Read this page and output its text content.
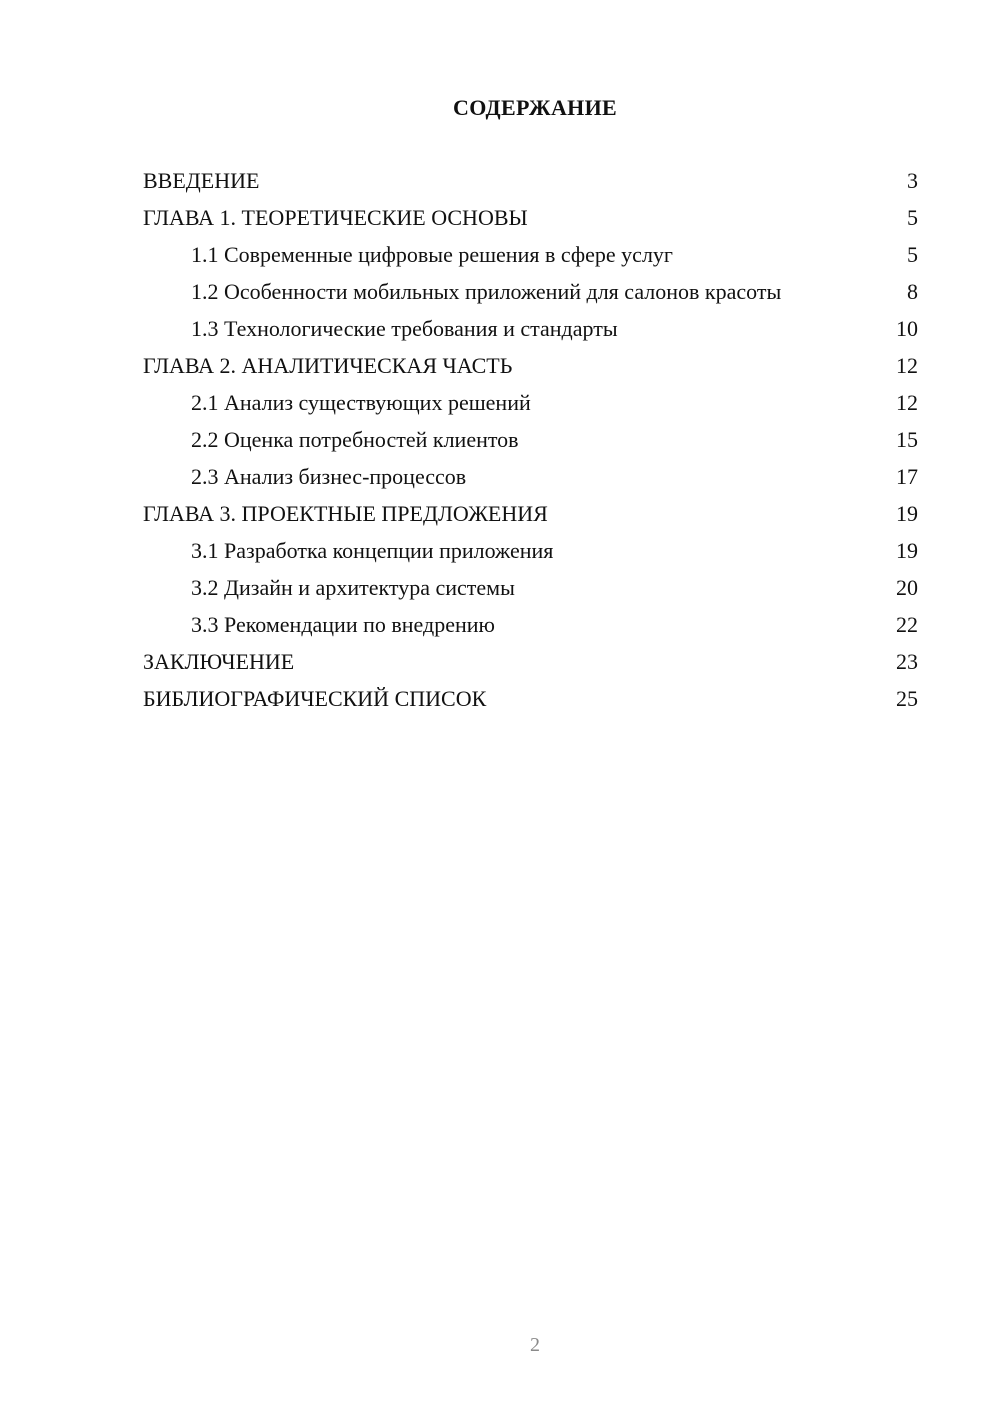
СОДЕРЖАНИЕ
ВВЕДЕНИЕ	3
ГЛАВА 1. ТЕОРЕТИЧЕСКИЕ ОСНОВЫ	5
1.1 Современные цифровые решения в сфере услуг	5
1.2 Особенности мобильных приложений для салонов красоты	8
1.3 Технологические требования и стандарты	10
ГЛАВА 2. АНАЛИТИЧЕСКАЯ ЧАСТЬ	12
2.1 Анализ существующих решений	12
2.2 Оценка потребностей клиентов	15
2.3 Анализ бизнес-процессов	17
ГЛАВА 3. ПРОЕКТНЫЕ ПРЕДЛОЖЕНИЯ	19
3.1 Разработка концепции приложения	19
3.2 Дизайн и архитектура системы	20
3.3 Рекомендации по внедрению	22
ЗАКЛЮЧЕНИЕ	23
БИБЛИОГРАФИЧЕСКИЙ СПИСОК	25
2
